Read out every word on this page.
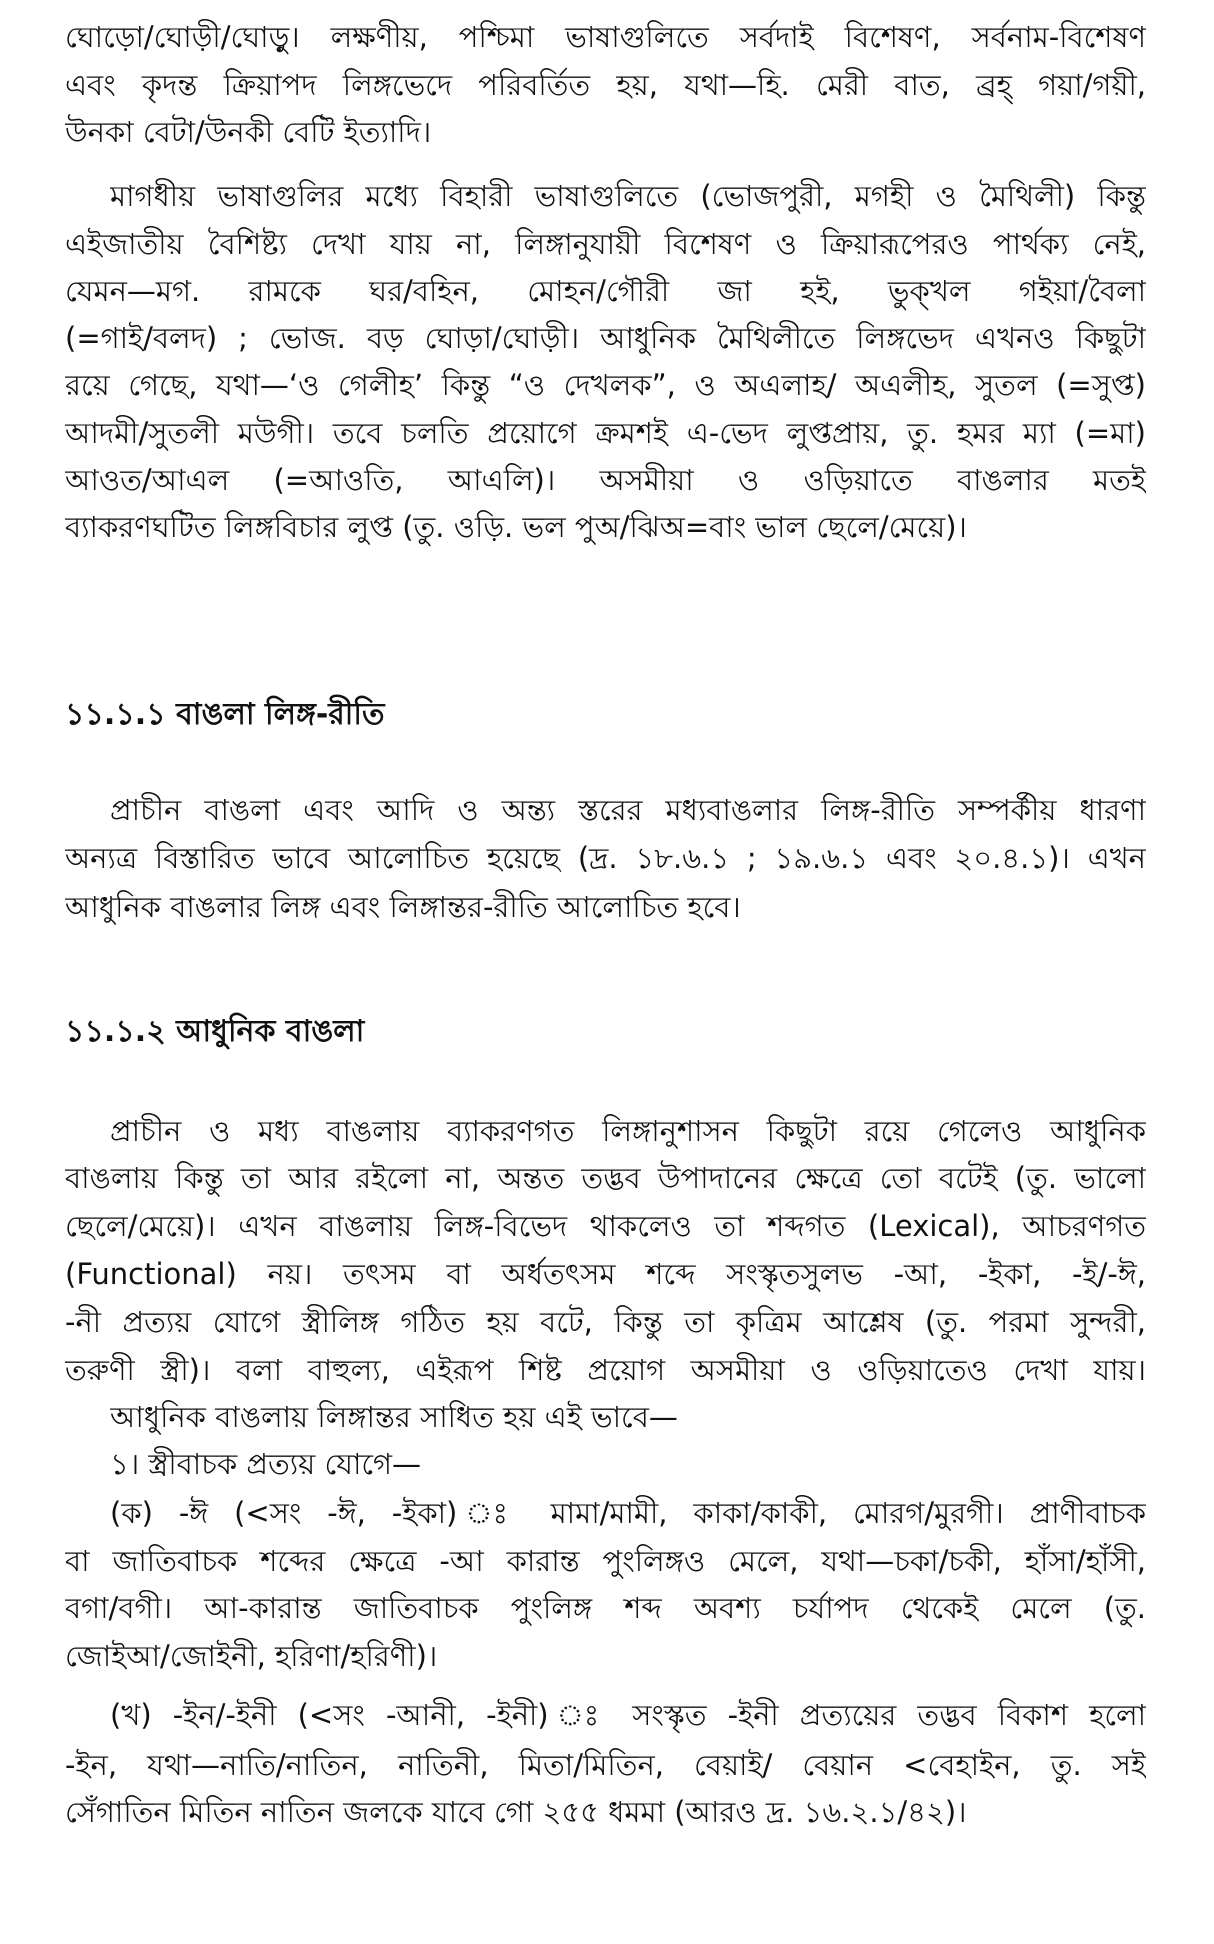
ঘোড়ো/ঘোড়ী/ঘোড়ু। লক্ষণীয়, পশ্চিমা ভাষাগুলিতে সর্বদাই বিশেষণ, সর্বনাম-বিশেষণ
এবং কৃদন্ত ক্রিয়াপদ লিঙ্গভেদে পরিবর্তিত হয়, যথা—হি. মেরী বাত, ব্রহ্ গয়া/গয়ী,
উনকা বেটা/উনকী বেটি ইত্যাদি।
মাগধীয় ভাষাগুলির মধ্যে বিহারী ভাষাগুলিতে (ভোজপুরী, মগহী ও মৈথিলী) কিন্তু
এইজাতীয় বৈশিষ্ট্য দেখা যায় না, লিঙ্গানুযায়ী বিশেষণ ও ক্রিয়ারূপেরও পার্থক্য নেই,
যেমন—মগ. রামকে ঘর/বহিন, মোহন/গৌরী জা হই, ভুক্খল গইয়া/বৈলা
(=গাই/বলদ) ; ভোজ. বড় ঘোড়া/ঘোড়ী। আধুনিক মৈথিলীতে লিঙ্গভেদ এখনও কিছুটা
রয়ে গেছে, যথা—‘ও গেলীহ’ কিন্তু “ও দেখলক”, ও অএলাহ/ অএলীহ, সুতল (=সুপ্ত)
আদমী/সুতলী মউগী। তবে চলতি প্রয়োগে ক্রমশই এ-ভেদ লুপ্তপ্রায়, তু. হমর ম্যা (=মা)
আওত/আএল (=আওতি, আএলি)। অসমীয়া ও ওড়িয়াতে বাঙলার মতই
ব্যাকরণঘটিত লিঙ্গবিচার লুপ্ত (তু. ওড়ি. ভল পুঅ/ঝিঅ=বাং ভাল ছেলে/মেয়ে)।
১১.১.১ বাঙলা লিঙ্গ-রীতি
প্রাচীন বাঙলা এবং আদি ও অন্ত্য স্তরের মধ্যবাঙলার লিঙ্গ-রীতি সম্পর্কীয় ধারণা
অন্যত্র বিস্তারিত ভাবে আলোচিত হয়েছে (দ্র. ১৮.৬.১ ; ১৯.৬.১ এবং ২০.৪.১)। এখন
আধুনিক বাঙলার লিঙ্গ এবং লিঙ্গান্তর-রীতি আলোচিত হবে।
১১.১.২ আধুনিক বাঙলা
প্রাচীন ও মধ্য বাঙলায় ব্যাকরণগত লিঙ্গানুশাসন কিছুটা রয়ে গেলেও আধুনিক
বাঙলায় কিন্তু তা আর রইলো না, অন্তত তদ্ভব উপাদানের ক্ষেত্রে তো বটেই (তু. ভালো
ছেলে/মেয়ে)। এখন বাঙলায় লিঙ্গ-বিভেদ থাকলেও তা শব্দগত (Lexical), আচরণগত
(Functional) নয়। তৎসম বা অর্ধতৎসম শব্দে সংস্কৃতসুলভ -আ, -ইকা, -ই/-ঈ,
-নী প্রত্যয় যোগে স্ত্রীলিঙ্গ গঠিত হয় বটে, কিন্তু তা কৃত্রিম আশ্লেষ (তু. পরমা সুন্দরী,
তরুণী স্ত্রী)। বলা বাহুল্য, এইরূপ শিষ্ট প্রয়োগ অসমীয়া ও ওড়িয়াতেও দেখা যায়।
আধুনিক বাঙলায় লিঙ্গান্তর সাধিত হয় এই ভাবে—
১। স্ত্রীবাচক প্রত্যয় যোগে—
(ক) -ঈ (<সং -ঈ, -ইকা) ঃ মামা/মামী, কাকা/কাকী, মোরগ/মুরগী। প্রাণীবাচক
বা জাতিবাচক শব্দের ক্ষেত্রে -আ কারান্ত পুংলিঙ্গও মেলে, যথা—চকা/চকী, হাঁসা/হাঁসী,
বগা/বগী। আ-কারান্ত জাতিবাচক পুংলিঙ্গ শব্দ অবশ্য চর্যাপদ থেকেই মেলে (তু.
জোইআ/জোইনী, হরিণা/হরিণী)।
(খ) -ইন/-ইনী (<সং -আনী, -ইনী) ঃ সংস্কৃত -ইনী প্রত্যয়ের তদ্ভব বিকাশ হলো
-ইন, যথা—নাতি/নাতিন, নাতিনী, মিতা/মিতিন, বেয়াই/ বেয়ান <বেহাইন, তু. সই
সেঁগাতিন মিতিন নাতিন জলকে যাবে গো ২৫৫ ধমমা (আরও দ্র. ১৬.২.১/৪২)।
